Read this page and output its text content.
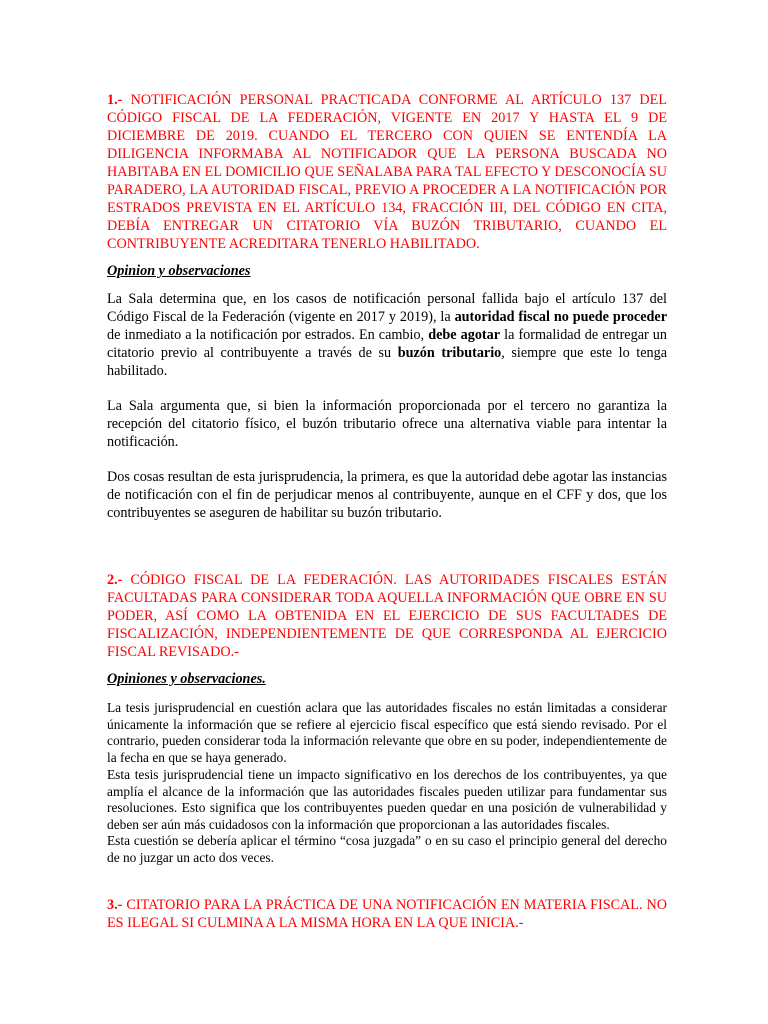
1.- NOTIFICACIÓN PERSONAL PRACTICADA CONFORME AL ARTÍCULO 137 DEL CÓDIGO FISCAL DE LA FEDERACIÓN, VIGENTE EN 2017 Y HASTA EL 9 DE DICIEMBRE DE 2019. CUANDO EL TERCERO CON QUIEN SE ENTENDÍA LA DILIGENCIA INFORMABA AL NOTIFICADOR QUE LA PERSONA BUSCADA NO HABITABA EN EL DOMICILIO QUE SEÑALABA PARA TAL EFECTO Y DESCONOCÍA SU PARADERO, LA AUTORIDAD FISCAL, PREVIO A PROCEDER A LA NOTIFICACIÓN POR ESTRADOS PREVISTA EN EL ARTÍCULO 134, FRACCIÓN III, DEL CÓDIGO EN CITA, DEBÍA ENTREGAR UN CITATORIO VÍA BUZÓN TRIBUTARIO, CUANDO EL CONTRIBUYENTE ACREDITARA TENERLO HABILITADO.

Opinion y observaciones

La Sala determina que, en los casos de notificación personal fallida bajo el artículo 137 del Código Fiscal de la Federación (vigente en 2017 y 2019), la autoridad fiscal no puede proceder de inmediato a la notificación por estrados. En cambio, debe agotar la formalidad de entregar un citatorio previo al contribuyente a través de su buzón tributario, siempre que este lo tenga habilitado.

La Sala argumenta que, si bien la información proporcionada por el tercero no garantiza la recepción del citatorio físico, el buzón tributario ofrece una alternativa viable para intentar la notificación.

Dos cosas resultan de esta jurisprudencia, la primera, es que la autoridad debe agotar las instancias de notificación con el fin de perjudicar menos al contribuyente, aunque en el CFF y dos, que los contribuyentes se aseguren de habilitar su buzón tributario.

2.- CÓDIGO FISCAL DE LA FEDERACIÓN. LAS AUTORIDADES FISCALES ESTÁN FACULTADAS PARA CONSIDERAR TODA AQUELLA INFORMACIÓN QUE OBRE EN SU PODER, ASÍ COMO LA OBTENIDA EN EL EJERCICIO DE SUS FACULTADES DE FISCALIZACIÓN, INDEPENDIENTEMENTE DE QUE CORRESPONDA AL EJERCICIO FISCAL REVISADO.-

Opiniones y observaciones.

La tesis jurisprudencial en cuestión aclara que las autoridades fiscales no están limitadas a considerar únicamente la información que se refiere al ejercicio fiscal específico que está siendo revisado. Por el contrario, pueden considerar toda la información relevante que obre en su poder, independientemente de la fecha en que se haya generado.

Esta tesis jurisprudencial tiene un impacto significativo en los derechos de los contribuyentes, ya que amplía el alcance de la información que las autoridades fiscales pueden utilizar para fundamentar sus resoluciones. Esto significa que los contribuyentes pueden quedar en una posición de vulnerabilidad y deben ser aún más cuidadosos con la información que proporcionan a las autoridades fiscales.

Esta cuestión se debería aplicar el término “cosa juzgada” o en su caso el principio general del derecho de no juzgar un acto dos veces.

3.- CITATORIO PARA LA PRÁCTICA DE UNA NOTIFICACIÓN EN MATERIA FISCAL. NO ES ILEGAL SI CULMINA A LA MISMA HORA EN LA QUE INICIA.-
